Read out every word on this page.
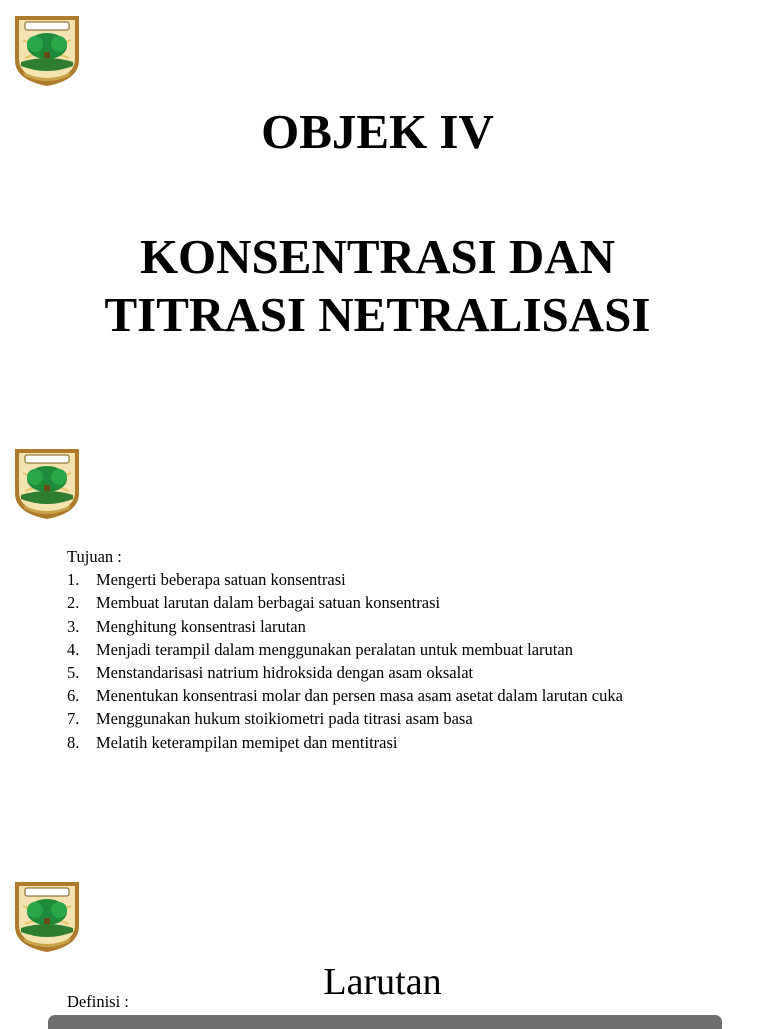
OBJEK IV
KONSENTRASI DAN
TITRASI NETRALISASI
Tujuan :
1.	Mengerti beberapa satuan konsentrasi
2.	Membuat larutan dalam berbagai satuan konsentrasi
3.	Menghitung konsentrasi larutan
4.	Menjadi terampil dalam menggunakan peralatan untuk membuat larutan
5.	Menstandarisasi natrium hidroksida dengan asam oksalat
6.	Menentukan konsentrasi molar dan persen masa asam asetat dalam larutan cuka
7.	Menggunakan hukum stoikiometri pada titrasi asam basa
8.	Melatih keterampilan memipet dan mentitrasi
Larutan
Definisi :
